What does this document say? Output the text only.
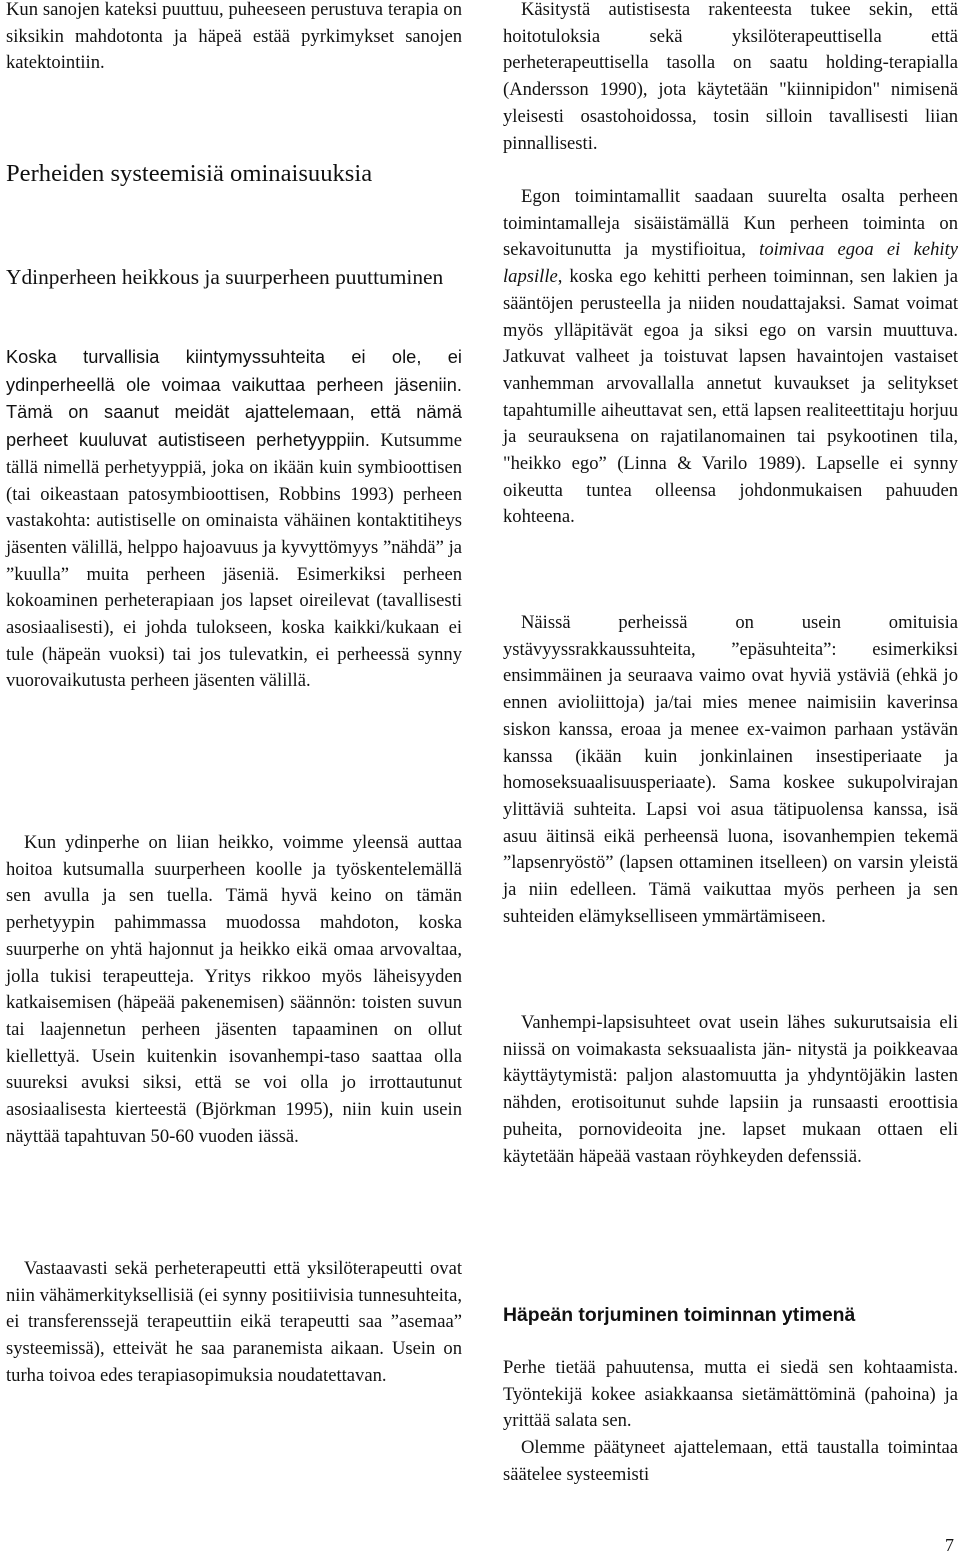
Kun sanojen kateksi puuttuu, puheeseen perustuva terapia on siksikin mahdotonta ja häpeä estää pyrkimykset sanojen katektointiin.

Perheiden systeemisiä ominaisuuksia
Ydinperheen heikkous ja suurperheen puuttuminen

Koska turvallisia kiintymyssuhteita ei ole, ei ydinperheellä ole voimaa vaikuttaa perheen jäseniin. Tämä on saanut meidät ajattelemaan, että nämä perheet kuuluvat autistiseen perhetyyppiin. Kutsumme tällä nimellä perhetyyppiä, joka on ikään kuin symbioottisen (tai oikeastaan patosymbioottisen, Robbins 1993) perheen vastakohta: autistiselle on ominaista vähäinen kontaktitiheys jäsenten välillä, helppo hajoavuus ja kyvyttömyys ”nähdä” ja ”kuulla” muita perheen jäseniä. Esimerkiksi perheen kokoaminen perheterapiaan jos lapset oireilevat (tavallisesti asosiaalisesti), ei johda tulokseen, koska kaikki/kukaan ei tule (häpeän vuoksi) tai jos tulevatkin, ei perheessä synny vuorovaikutusta perheen jäsenten välillä.

Kun ydinperhe on liian heikko, voimme yleensä auttaa hoitoa kutsumalla suurperheen koolle ja työskentelemällä sen avulla ja sen tuella. Tämä hyvä keino on tämän perhetyypin pahimmassa muodossa mahdoton, koska suurperhe on yhtä hajonnut ja heikko eikä omaa arvovaltaa, jolla tukisi terapeutteja. Yritys rikkoo myös läheisyyden katkaisemisen (häpeää pakenemisen) säännön: toisten suvun tai laajennetun perheen jäsenten tapaaminen on ollut kiellettyä. Usein kuitenkin isovanhempi-taso saattaa olla suureksi avuksi siksi, että se voi olla jo irrottautunut asosiaalisesta kierteestä (Björkman 1995), niin kuin usein näyttää tapahtuvan 50-60 vuoden iässä.

Vastaavasti sekä perheterapeutti että yksilöterapeutti ovat niin vähämerkityksellisiä (ei synny positiivisia tunnesuhteita, ei transferenssejä terapeuttiin eikä terapeutti saa ”asemaa” systeemissä), etteivät he saa paranemista aikaan. Usein on turha toivoa edes terapiasopimuksia noudatettavan.

Käsitystä autistisesta rakenteesta tukee sekin, että hoitotuloksia sekä yksilöterapeuttisella että perheterapeuttisella tasolla on saatu holding-terapialla (Andersson 1990), jota käytetään "kiinnipidon" nimisenä yleisesti osastohoidossa, tosin silloin tavallisesti liian pinnallisesti.

Egon toimintamallit saadaan suurelta osalta perheen toimintamalleja sisäistämällä Kun perheen toiminta on sekavoitunutta ja mystifioitua, toimivaa egoa ei kehity lapsille, koska ego kehitti perheen toiminnan, sen lakien ja sääntöjen perusteella ja niiden noudattajaksi. Samat voimat myös ylläpitävät egoa ja siksi ego on varsin muuttuva. Jatkuvat valheet ja toistuvat lapsen havaintojen vastaiset vanhemman arvovallalla annetut kuvaukset ja selitykset tapahtumille aiheuttavat sen, että lapsen realiteettitaju horjuu ja seurauksena on rajatilanomainen tai psykootinen tila, "heikko ego” (Linna & Varilo 1989). Lapselle ei synny oikeutta tuntea olleensa johdonmukaisen pahuuden kohteena.

Näissä perheissä on usein omituisia ystävyyssrakkaussuhteita, ”epäsuhteita”: esimerkiksi ensimmäinen ja seuraava vaimo ovat hyviä ystäviä (ehkä jo ennen avioliittoja) ja/tai mies menee naimisiin kaverinsa siskon kanssa, eroaa ja menee ex-vaimon parhaan ystävän kanssa (ikään kuin jonkinlainen insestiperiaate ja homoseksuaalisuusperiaate). Sama koskee sukupolvirajan ylittäviä suhteita. Lapsi voi asua tätipuolensa kanssa, isä asuu äitinsä eikä perheensä luona, isovanhempien tekemä ”lapsenryöstö” (lapsen ottaminen itselleen) on varsin yleistä ja niin edelleen. Tämä vaikuttaa myös perheen ja sen suhteiden elämykselliseen ymmärtämiseen.

Vanhempi-lapsisuhteet ovat usein lähes sukurutsaisia eli niissä on voimakasta seksuaalista jän- nitystä ja poikkeavaa käyttäytymistä: paljon alastomuutta ja yhdyntöjäkin lasten nähden, erotisoitunut suhde lapsiin ja runsaasti eroottisia puheita, pornovideoita jne. lapset mukaan ottaen eli käytetään häpeää vastaan röyhkeyden defenssiä.

Häpeän torjuminen toiminnan ytimenä

Perhe tietää pahuutensa, mutta ei siedä sen kohtaamista. Työntekijä kokee asiakkaansa sietämättöminä (pahoina) ja yrittää salata sen.

Olemme päätyneet ajattelemaan, että taustalla toimintaa säätelee systeemisti

7
